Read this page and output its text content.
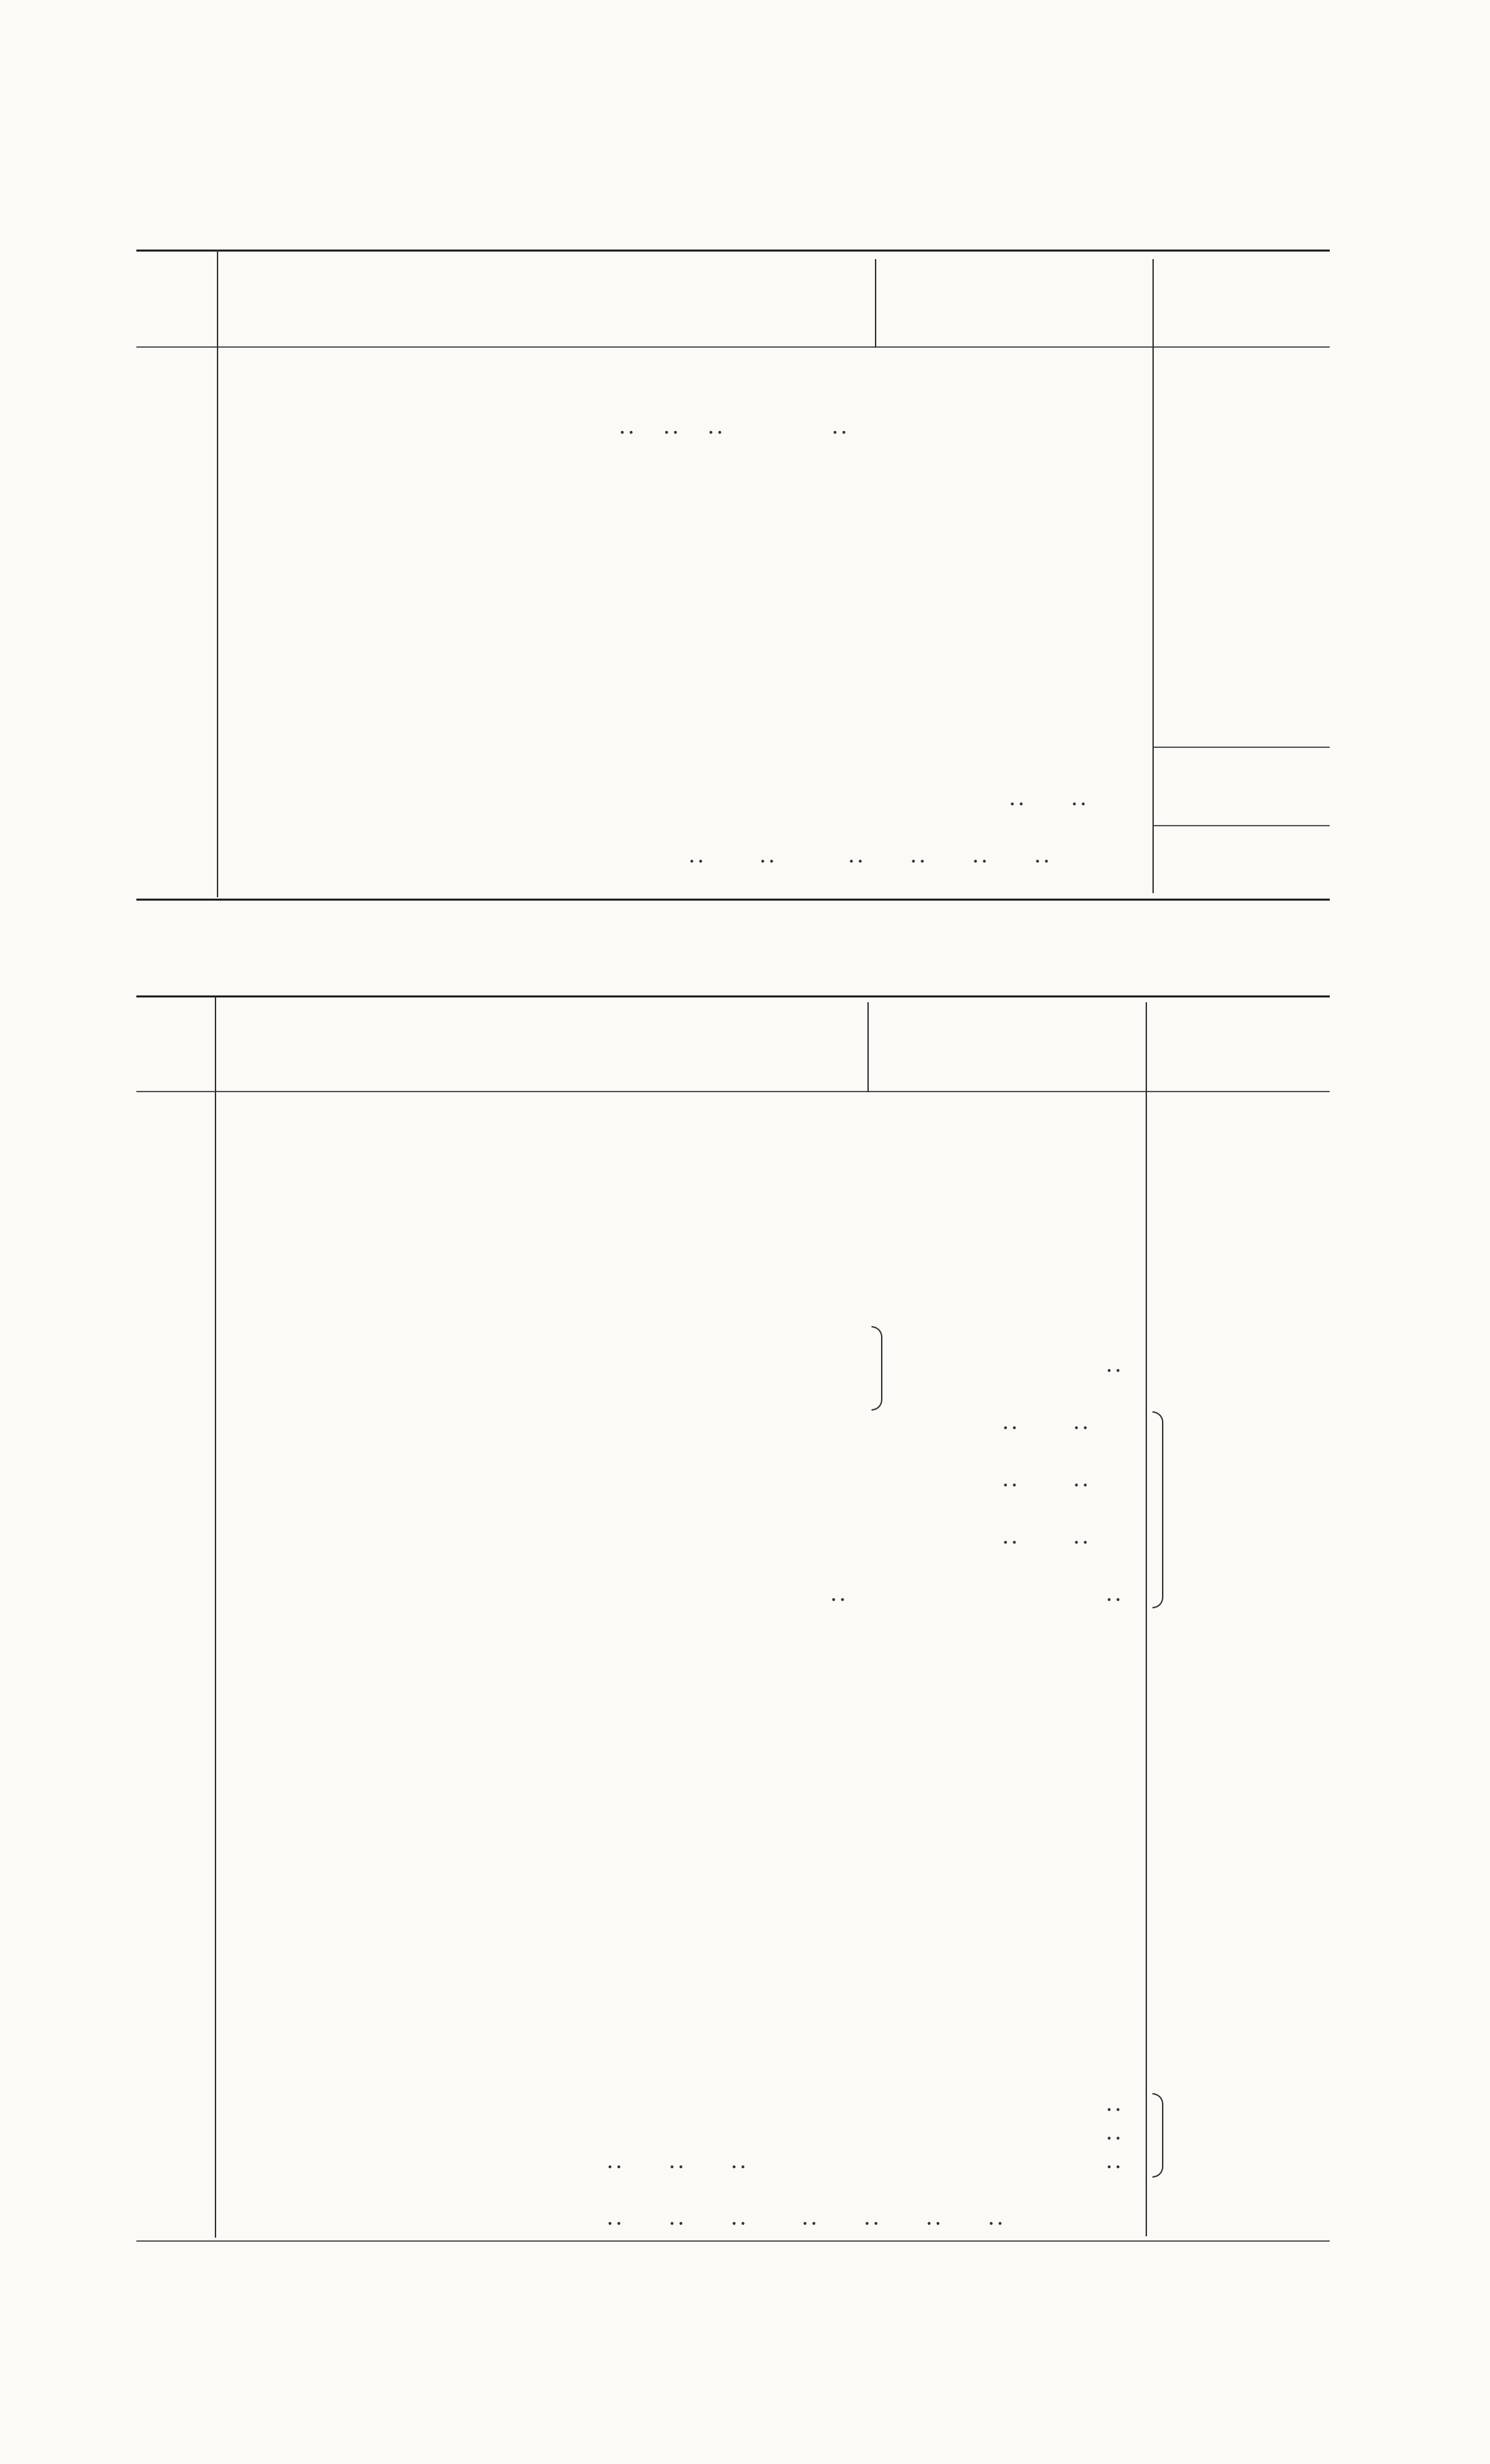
..   ..   ..            ..
..     ..
..      ..        ..     ..     ..     ..
..
..      ..
..      ..
..      ..
..	..
..
..
..     ..     ..	..
..     ..     ..      ..     ..     ..     ..
